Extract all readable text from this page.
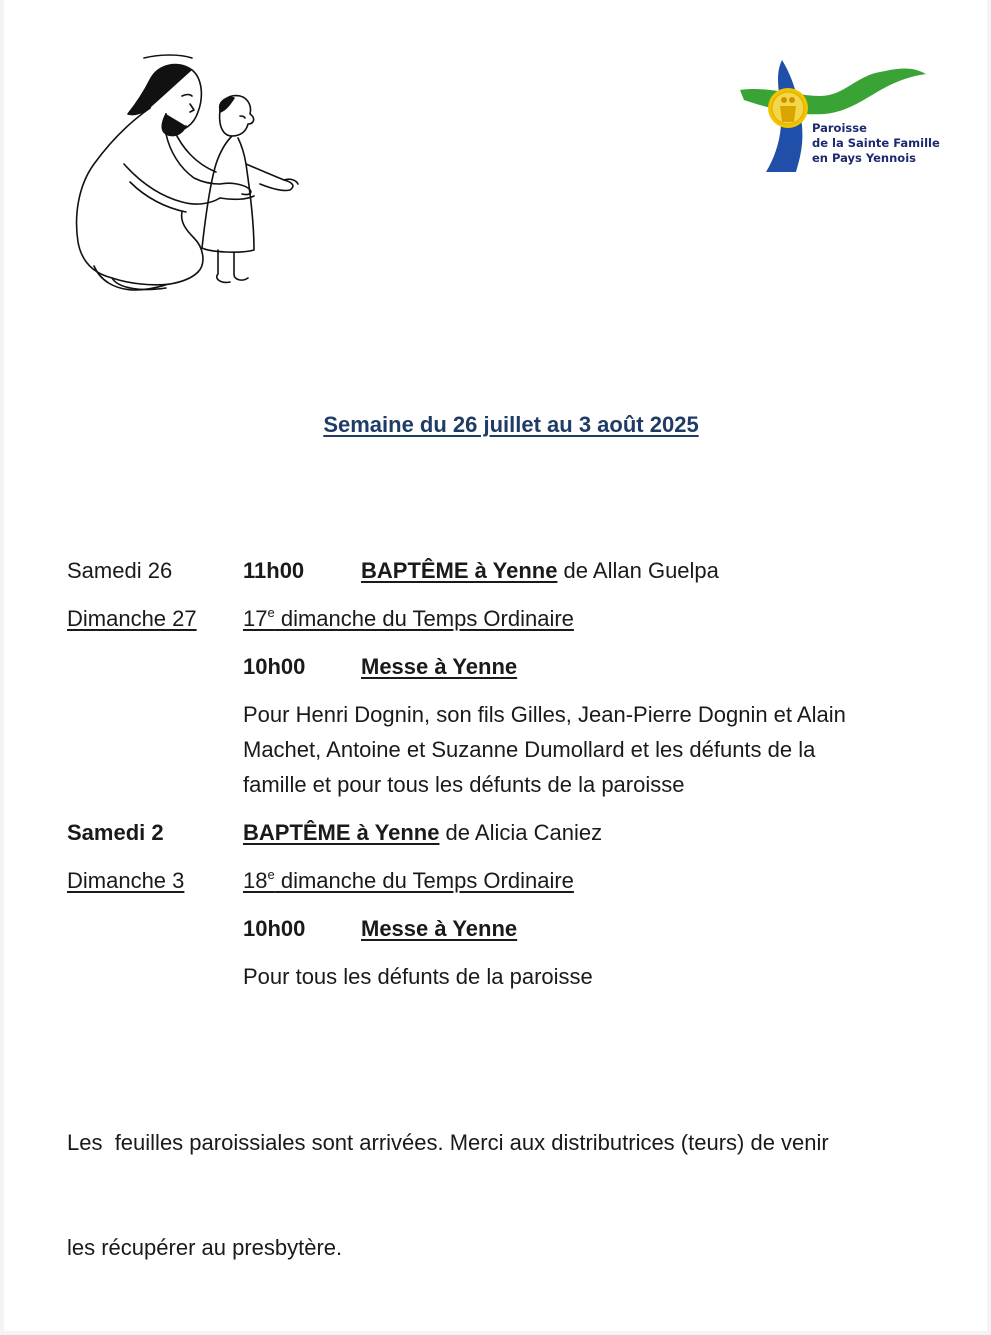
Paroisse
de la Sainte Famille
en Pays Yennois
Semaine du 26 juillet au 3 août 2025
Samedi 26	11h00	BAPTÊME à Yenne de Allan Guelpa
Dimanche 27	17e dimanche du Temps Ordinaire
10h00	Messe à Yenne
Pour Henri Dognin, son fils Gilles, Jean-Pierre Dognin et Alain
Machet, Antoine et Suzanne Dumollard et les défunts de la
famille et pour tous les défunts de la paroisse
Samedi 2	BAPTÊME à Yenne de Alicia Caniez
Dimanche 3	18e dimanche du Temps Ordinaire
10h00	Messe à Yenne
Pour tous les défunts de la paroisse

Les  feuilles paroissiales sont arrivées. Merci aux distributrices (teurs) de venir

les récupérer au presbytère.
